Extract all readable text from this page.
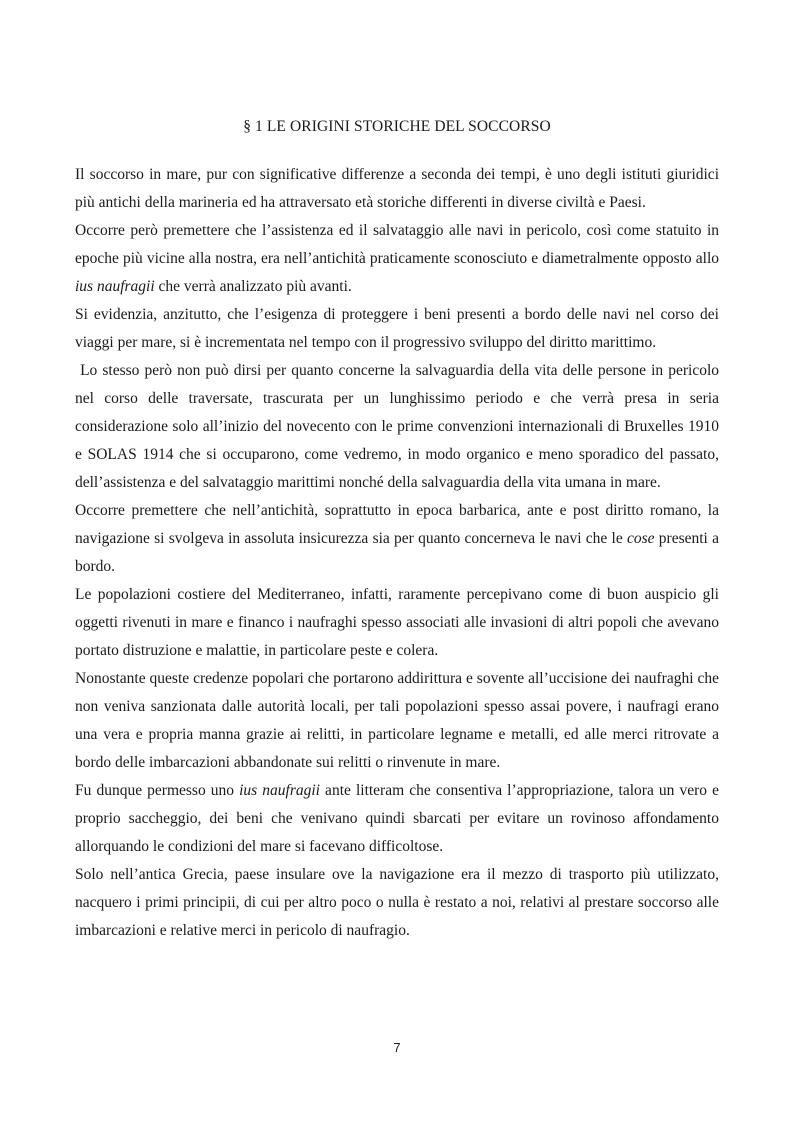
§ 1 LE ORIGINI STORICHE DEL SOCCORSO

Il soccorso in mare, pur con significative differenze a seconda dei tempi, è uno degli istituti giuridici più antichi della marineria ed ha attraversato età storiche differenti in diverse civiltà e Paesi.

Occorre però premettere che l’assistenza ed il salvataggio alle navi in pericolo, così come statuito in epoche più vicine alla nostra, era nell’antichità praticamente sconosciuto e diametralmente opposto allo ius naufragii che verrà analizzato più avanti.

Si evidenzia, anzitutto, che l’esigenza di proteggere i beni presenti a bordo delle navi nel corso dei viaggi per mare, si è incrementata nel tempo con il progressivo sviluppo del diritto marittimo.

Lo stesso però non può dirsi per quanto concerne la salvaguardia della vita delle persone in pericolo nel corso delle traversate, trascurata per un lunghissimo periodo e che verrà presa in seria considerazione solo all’inizio del novecento con le prime convenzioni internazionali di Bruxelles 1910 e SOLAS 1914 che si occuparono, come vedremo, in modo organico e meno sporadico del passato, dell’assistenza e del salvataggio marittimi nonché della salvaguardia della vita umana in mare.

Occorre premettere che nell’antichità, soprattutto in epoca barbarica, ante e post diritto romano, la navigazione si svolgeva in assoluta insicurezza sia per quanto concerneva le navi che le cose presenti a bordo.

Le popolazioni costiere del Mediterraneo, infatti, raramente percepivano come di buon auspicio gli oggetti rivenuti in mare e financo i naufraghi spesso associati alle invasioni di altri popoli che avevano portato distruzione e malattie, in particolare peste e colera.

Nonostante queste credenze popolari che portarono addirittura e sovente all’uccisione dei naufraghi che non veniva sanzionata dalle autorità locali, per tali popolazioni spesso assai povere, i naufragi erano una vera e propria manna grazie ai relitti, in particolare legname e metalli, ed alle merci ritrovate a bordo delle imbarcazioni abbandonate sui relitti o rinvenute in mare.

Fu dunque permesso uno ius naufragii ante litteram che consentiva l’appropriazione, talora un vero e proprio saccheggio, dei beni che venivano quindi sbarcati per evitare un rovinoso affondamento allorquando le condizioni del mare si facevano difficoltose.

Solo nell’antica Grecia, paese insulare ove la navigazione era il mezzo di trasporto più utilizzato, nacquero i primi principii, di cui per altro poco o nulla è restato a noi, relativi al prestare soccorso alle imbarcazioni e relative merci in pericolo di naufragio.

7
